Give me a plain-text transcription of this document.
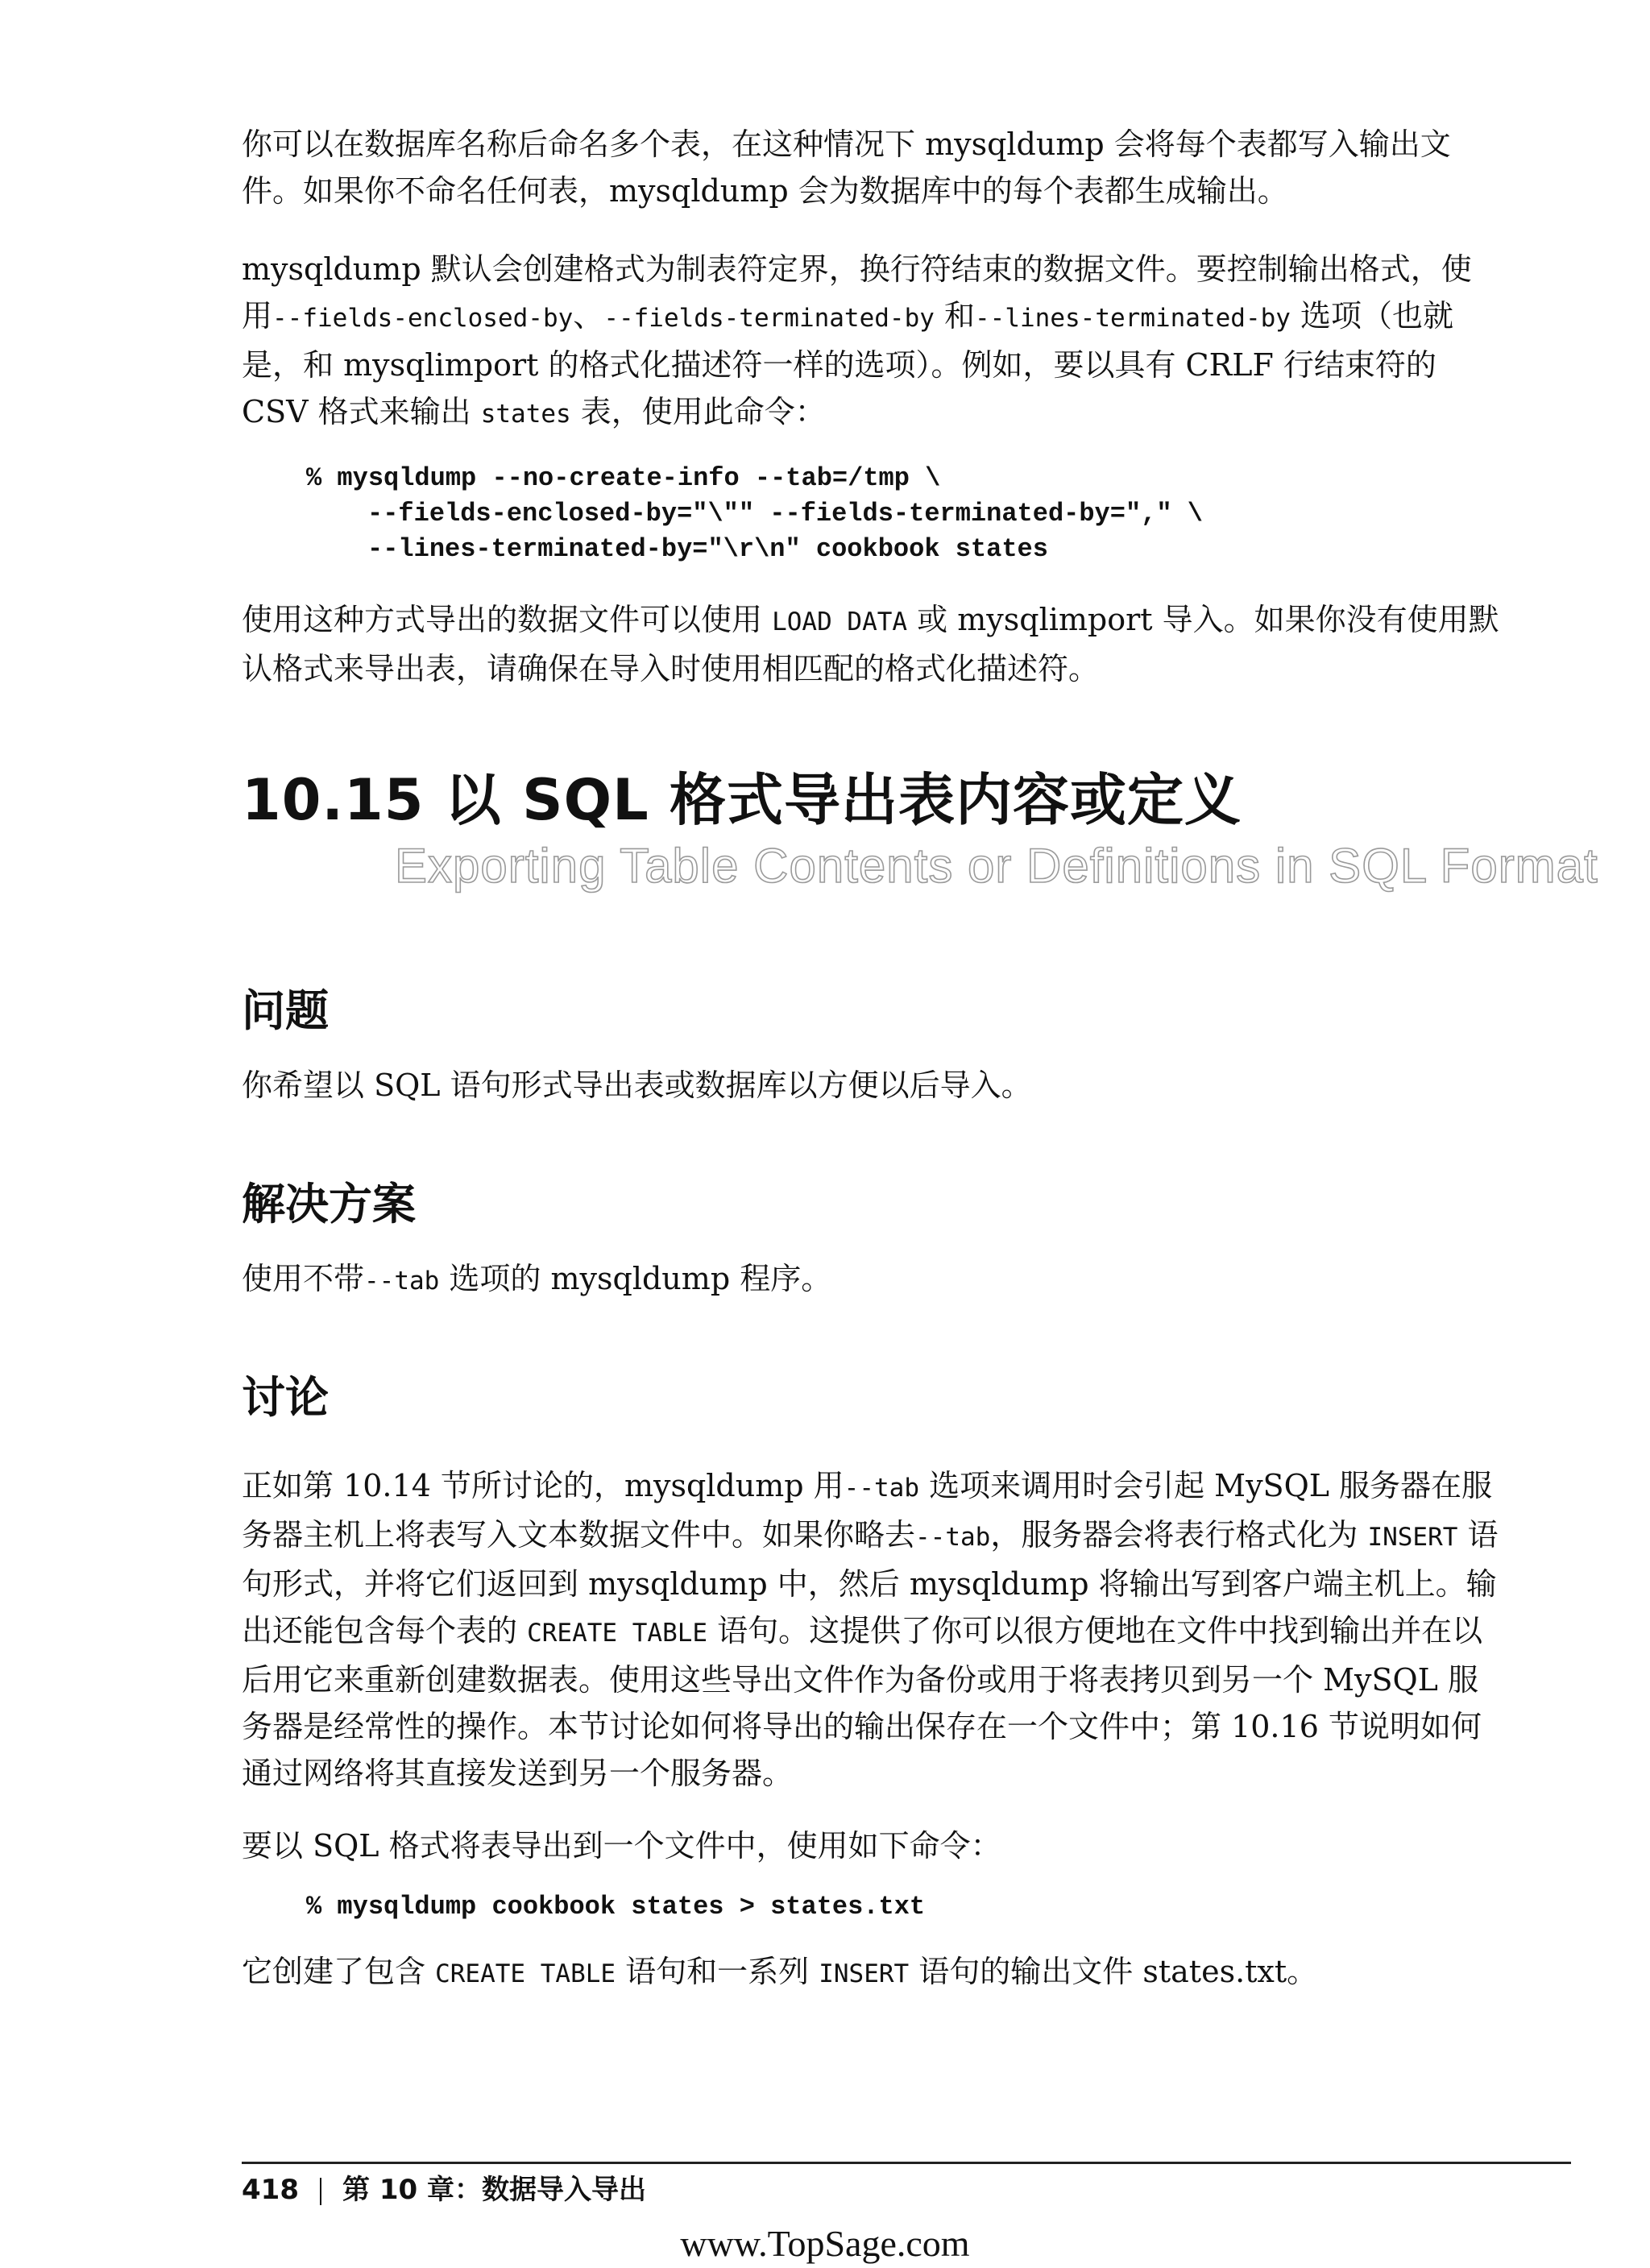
你可以在数据库名称后命名多个表，在这种情况下 mysqldump 会将每个表都写入输出文件。如果你不命名任何表，mysqldump 会为数据库中的每个表都生成输出。

mysqldump 默认会创建格式为制表符定界，换行符结束的数据文件。要控制输出格式，使用--fields-enclosed-by、--fields-terminated-by 和--lines-terminated-by 选项（也就是，和 mysqlimport 的格式化描述符一样的选项）。例如，要以具有 CRLF 行结束符的 CSV 格式来输出 states 表，使用此命令：

% mysqldump --no-create-info --tab=/tmp \
--fields-enclosed-by="\"" --fields-terminated-by="," \
--lines-terminated-by="\r\n" cookbook states

使用这种方式导出的数据文件可以使用 LOAD DATA 或 mysqlimport 导入。如果你没有使用默认格式来导出表，请确保在导入时使用相匹配的格式化描述符。

10.15 以 SQL 格式导出表内容或定义
Exporting Table Contents or Definitions in SQL Format
问题

你希望以 SQL 语句形式导出表或数据库以方便以后导入。

解决方案

使用不带--tab 选项的 mysqldump 程序。

讨论

正如第 10.14 节所讨论的，mysqldump 用--tab 选项来调用时会引起 MySQL 服务器在服务器主机上将表写入文本数据文件中。如果你略去--tab，服务器会将表行格式化为 INSERT 语句形式，并将它们返回到 mysqldump 中，然后 mysqldump 将输出写到客户端主机上。输出还能包含每个表的 CREATE TABLE 语句。这提供了你可以很方便地在文件中找到输出并在以后用它来重新创建数据表。使用这些导出文件作为备份或用于将表拷贝到另一个 MySQL 服务器是经常性的操作。本节讨论如何将导出的输出保存在一个文件中；第 10.16 节说明如何通过网络将其直接发送到另一个服务器。

要以 SQL 格式将表导出到一个文件中，使用如下命令：

% mysqldump cookbook states > states.txt

它创建了包含 CREATE TABLE 语句和一系列 INSERT 语句的输出文件 states.txt。

418 第 10 章：数据导入导出
www.TopSage.com
